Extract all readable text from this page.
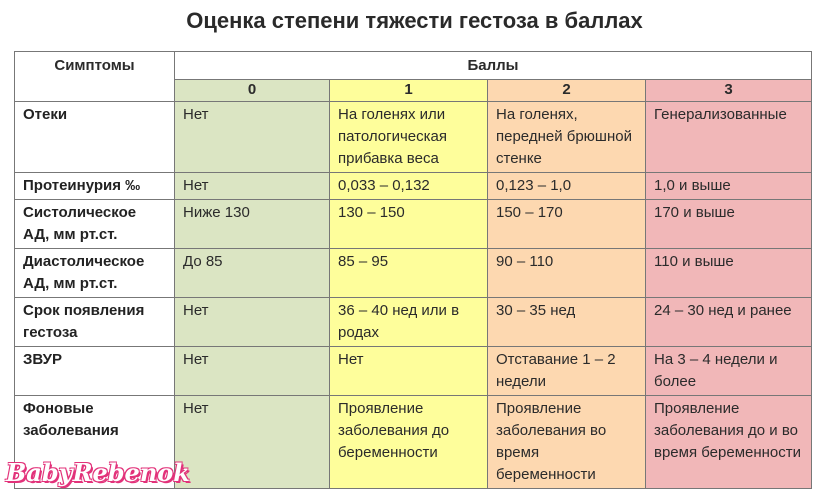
Оценка степени тяжести гестоза в баллах
Симптомы	Баллы			
	0	1	2	3
Отеки	Нет	На голенях или патологическая прибавка веса	На голенях, передней брюшной стенке	Генерализованные
Протеинурия ‰	Нет	0,033 – 0,132	0,123 – 1,0	1,0 и выше
Систолическое АД, мм рт.ст.	Ниже 130	130 – 150	150 – 170	170 и выше
Диастолическое АД, мм рт.ст.	До 85	85 – 95	90 – 110	110 и выше
Срок появления гестоза	Нет	36 – 40 нед или в родах	30 – 35 нед	24 – 30 нед и ранее
ЗВУР	Нет	Нет	Отставание 1 – 2 недели	На 3 – 4 недели и более
Фоновые заболевания	Нет	Проявление заболевания до беременности	Проявление заболевания во время беременности	Проявление заболевания до и во время беременности
BabyRebenok
